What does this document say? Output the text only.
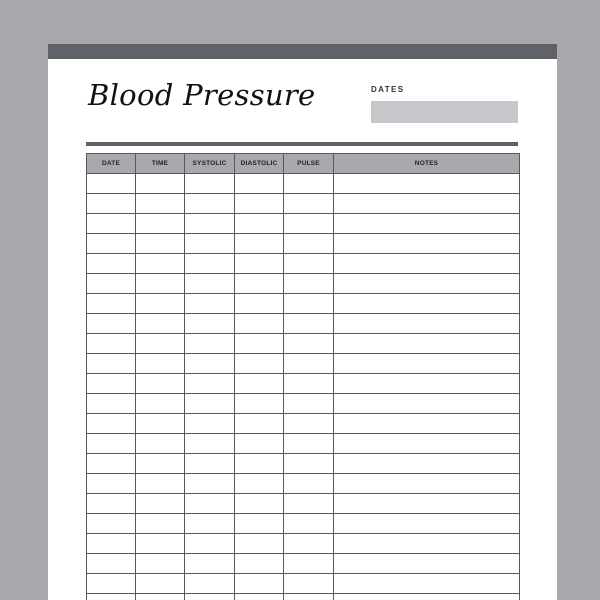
Blood Pressure	DATES
DATE	TIME	SYSTOLIC	DIASTOLIC	PULSE	NOTES
